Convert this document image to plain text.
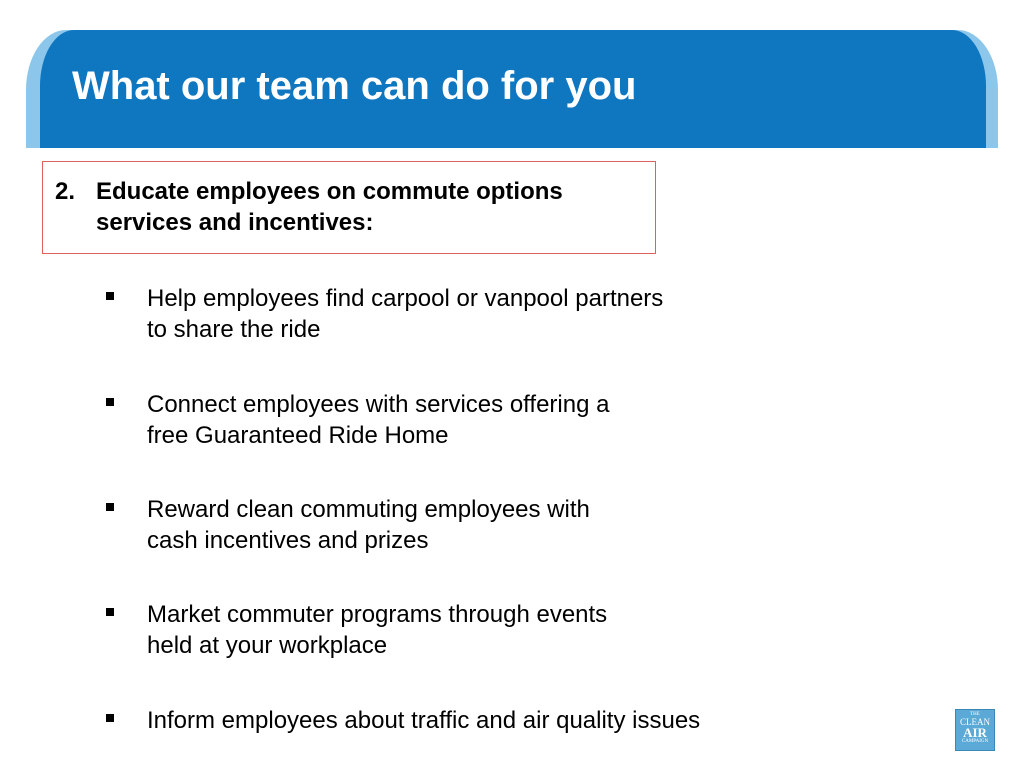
What our team can do for you
2. Educate employees on commute options
services and incentives:
Help employees find carpool or vanpool partners
to share the ride
Connect employees with services offering a
free Guaranteed Ride Home
Reward clean commuting employees with
cash incentives and prizes
Market commuter programs through events
held at your workplace
Inform employees about traffic and air quality issues	THE
CLEAN
AIR
CAMPAIGN
